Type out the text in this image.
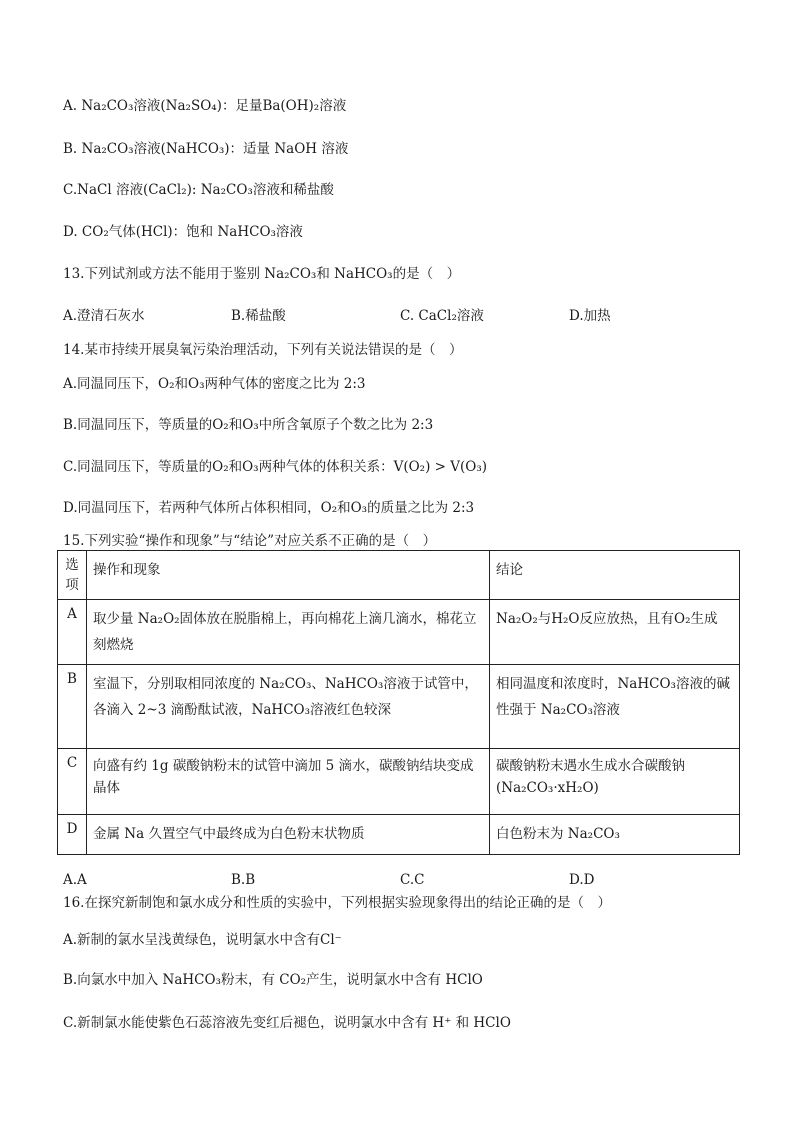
A. Na₂CO₃溶液(Na₂SO₄)：足量Ba(OH)₂溶液
B. Na₂CO₃溶液(NaHCO₃)：适量 NaOH 溶液
C.NaCl 溶液(CaCl₂): Na₂CO₃溶液和稀盐酸
D. CO₂气体(HCl)：饱和 NaHCO₃溶液
13.下列试剂或方法不能用于鉴别 Na₂CO₃和 NaHCO₃的是（　）
A.澄清石灰水	B.稀盐酸	C. CaCl₂溶液	D.加热
14.某市持续开展臭氧污染治理活动，下列有关说法错误的是（　）
A.同温同压下，O₂和O₃两种气体的密度之比为 2:3
B.同温同压下，等质量的O₂和O₃中所含氧原子个数之比为 2:3
C.同温同压下，等质量的O₂和O₃两种气体的体积关系：V(O₂) > V(O₃)
D.同温同压下，若两种气体所占体积相同，O₂和O₃的质量之比为 2:3
15.下列实验“操作和现象”与“结论”对应关系不正确的是（　）
选项	操作和现象	结论
A	取少量 Na₂O₂固体放在脱脂棉上，再向棉花上滴几滴水，棉花立刻燃烧	Na₂O₂与H₂O反应放热，且有O₂生成
B	室温下，分别取相同浓度的 Na₂CO₃、NaHCO₃溶液于试管中，各滴入 2~3 滴酚酞试液，NaHCO₃溶液红色较深	相同温度和浓度时，NaHCO₃溶液的碱性强于 Na₂CO₃溶液
C	向盛有约 1g 碳酸钠粉末的试管中滴加 5 滴水，碳酸钠结块变成晶体	碳酸钠粉末遇水生成水合碳酸钠(Na₂CO₃·xH₂O)
D	金属 Na 久置空气中最终成为白色粉末状物质	白色粉末为 Na₂CO₃
A.A	B.B	C.C	D.D
16.在探究新制饱和氯水成分和性质的实验中，下列根据实验现象得出的结论正确的是（　）
A.新制的氯水呈浅黄绿色，说明氯水中含有Cl⁻
B.向氯水中加入 NaHCO₃粉末，有 CO₂产生，说明氯水中含有 HClO
C.新制氯水能使紫色石蕊溶液先变红后褪色，说明氯水中含有 H⁺ 和 HClO
